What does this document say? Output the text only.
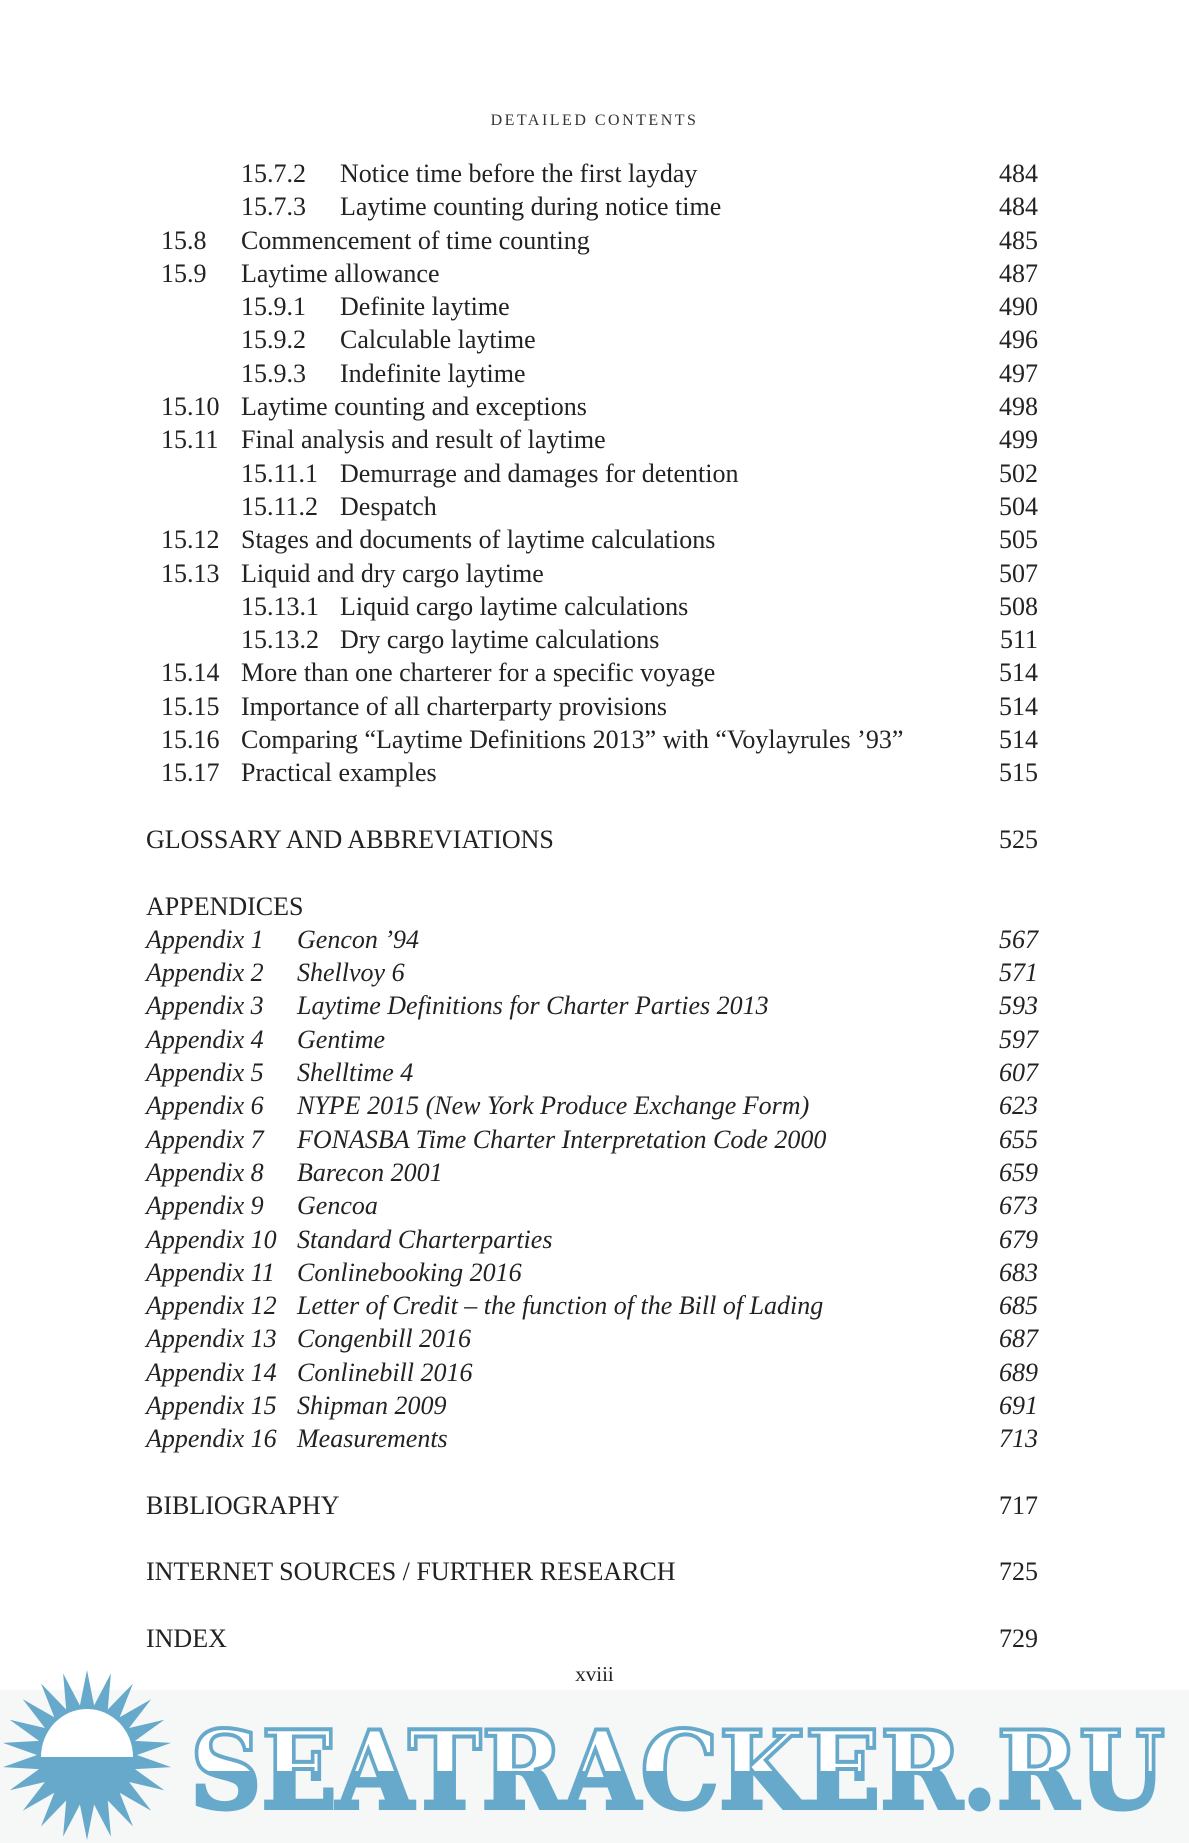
DETAILED CONTENTS
15.7.2 Notice time before the first layday	484
15.7.3 Laytime counting during notice time	484
15.8 Commencement of time counting	485
15.9 Laytime allowance	487
15.9.1 Definite laytime	490
15.9.2 Calculable laytime	496
15.9.3 Indefinite laytime	497
15.10 Laytime counting and exceptions	498
15.11 Final analysis and result of laytime	499
15.11.1 Demurrage and damages for detention	502
15.11.2 Despatch	504
15.12 Stages and documents of laytime calculations	505
15.13 Liquid and dry cargo laytime	507
15.13.1 Liquid cargo laytime calculations	508
15.13.2 Dry cargo laytime calculations	511
15.14 More than one charterer for a specific voyage	514
15.15 Importance of all charterparty provisions	514
15.16 Comparing “Laytime Definitions 2013” with “Voylayrules ’93”	514
15.17 Practical examples	515
GLOSSARY AND ABBREVIATIONS	525
APPENDICES
Appendix 1 Gencon ’94	567
Appendix 2 Shellvoy 6	571
Appendix 3 Laytime Definitions for Charter Parties 2013	593
Appendix 4 Gentime	597
Appendix 5 Shelltime 4	607
Appendix 6 NYPE 2015 (New York Produce Exchange Form)	623
Appendix 7 FONASBA Time Charter Interpretation Code 2000	655
Appendix 8 Barecon 2001	659
Appendix 9 Gencoa	673
Appendix 10 Standard Charterparties	679
Appendix 11 Conlinebooking 2016	683
Appendix 12 Letter of Credit – the function of the Bill of Lading	685
Appendix 13 Congenbill 2016	687
Appendix 14 Conlinebill 2016	689
Appendix 15 Shipman 2009	691
Appendix 16 Measurements	713
BIBLIOGRAPHY	717
INTERNET SOURCES / FURTHER RESEARCH	725
INDEX	729
xviii
SEATRACKER.RU
